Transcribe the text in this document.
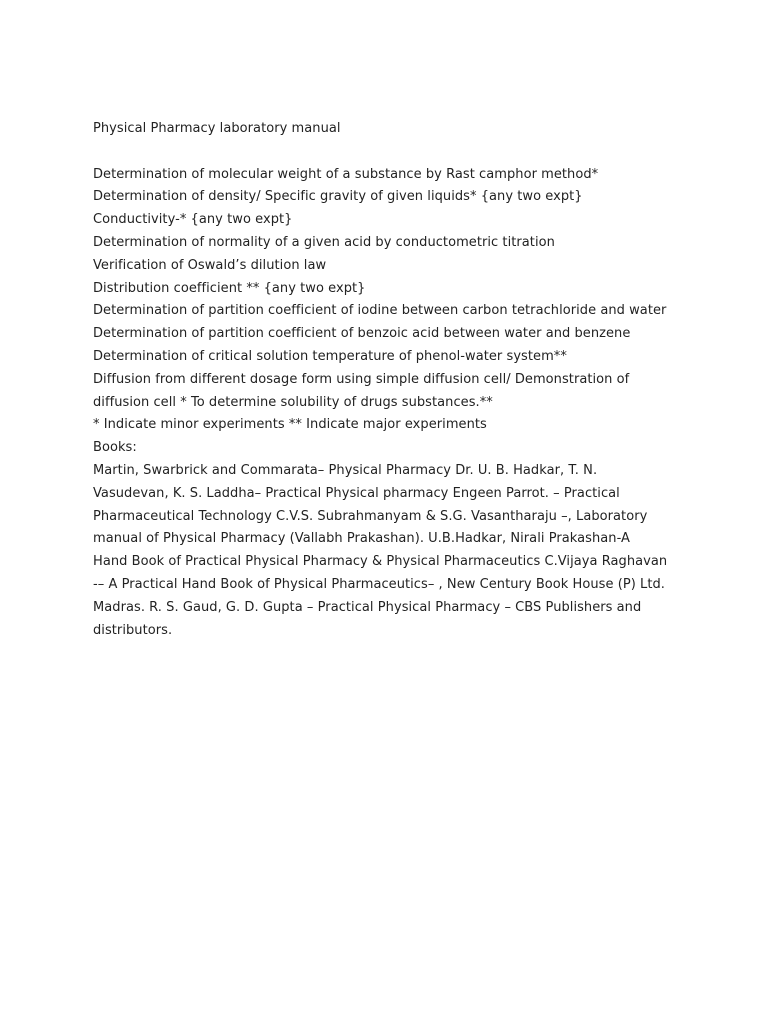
Physical Pharmacy laboratory manual

Determination of molecular weight of a substance by Rast camphor method*

Determination of density/ Specific gravity of given liquids* {any two expt}

Conductivity-* {any two expt}

Determination of normality of a given acid by conductometric titration

Verification of Oswald’s dilution law

Distribution coefficient ** {any two expt}

Determination of partition coefficient of iodine between carbon tetrachloride and water Determination of partition coefficient of benzoic acid between water and benzene

Determination of critical solution temperature of phenol-water system**

Diffusion from different dosage form using simple diffusion cell/ Demonstration of diffusion cell * To determine solubility of drugs substances.**

* Indicate minor experiments ** Indicate major experiments

Books:

Martin, Swarbrick and Commarata– Physical Pharmacy Dr. U. B. Hadkar, T. N. Vasudevan, K. S. Laddha– Practical Physical pharmacy Engeen Parrot. – Practical Pharmaceutical Technology C.V.S. Subrahmanyam & S.G. Vasantharaju –, Laboratory manual of Physical Pharmacy (Vallabh Prakashan). U.B.Hadkar, Nirali Prakashan-A Hand Book of Practical Physical Pharmacy & Physical Pharmaceutics C.Vijaya Raghavan -– A Practical Hand Book of Physical Pharmaceutics– , New Century Book House (P) Ltd. Madras. R. S. Gaud, G. D. Gupta – Practical Physical Pharmacy – CBS Publishers and distributors.
